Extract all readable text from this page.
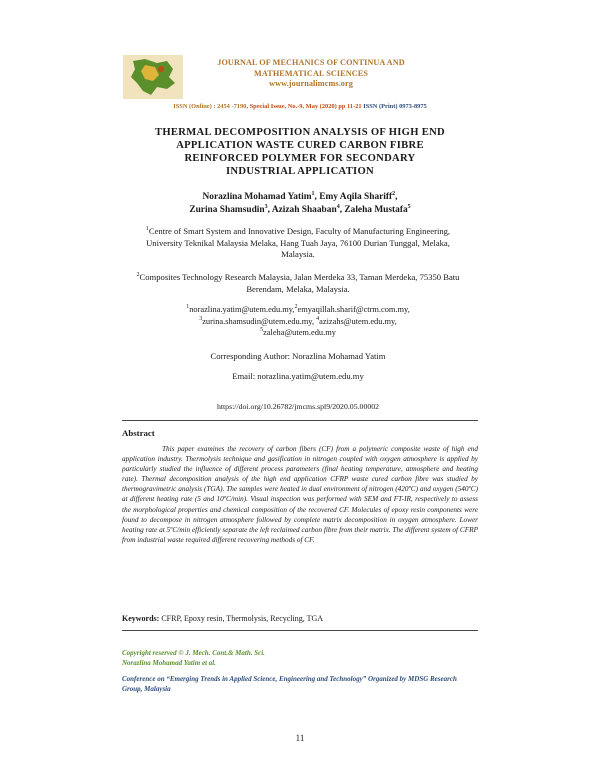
JOURNAL OF MECHANICS OF CONTINUA AND
MATHEMATICAL SCIENCES
www.journalimcms.org
ISSN (Online) : 2454 -7190, Special Issue, No.-9, May (2020) pp 11-21 ISSN (Print) 0973-8975
THERMAL DECOMPOSITION ANALYSIS OF HIGH END
APPLICATION WASTE CURED CARBON FIBRE
REINFORCED POLYMER FOR SECONDARY
INDUSTRIAL APPLICATION
Norazlina Mohamad Yatim$^1$, Emy Aqila Shariff$^2$,
Zurina Shamsudin$^3$, Azizah Shaaban$^4$, Zaleha Mustafa$^5$
$^1$Centre of Smart System and Innovative Design, Faculty of Manufacturing Engineering, University Teknikal Malaysia Melaka, Hang Tuah Jaya, 76100 Durian Tunggal, Melaka, Malaysia.
$^2$Composites Technology Research Malaysia, Jalan Merdeka 33, Taman Merdeka, 75350 Batu Berendam, Melaka, Malaysia.
$^1$norazlina.yatim@utem.edu.my,$^2$emyaqillah.sharif@ctrm.com.my,
$^3$zurina.shamsudin@utem.edu.my, $^4$azizahs@utem.edu.my,
$^5$zaleha@utem.edu.my
Corresponding Author: Norazlina Mohamad Yatim
Email: norazlina.yatim@utem.edu.my
https://doi.org/10.26782/jmcms.spl9/2020.05.00002
Abstract
This paper examines the recovery of carbon fibers (CF) from a polymeric composite waste of high end application industry. Thermolysis technique and gasification in nitrogen coupled with oxygen atmosphere is applied by particularly studied the influence of different process parameters (final heating temperature, atmosphere and heating rate). Thermal decomposition analysis of the high end application CFRP waste cured carbon fibre was studied by thermogravimetric analysis (TGA). The samples were heated in dual environment of nitrogen (420ºC) and oxygen (540ºC) at different heating rate (5 and 10ºC/min). Visual inspection was performed with SEM and FT-IR, respectively to assess the morphological properties and chemical composition of the recovered CF. Molecules of epoxy resin components were found to decompose in nitrogen atmosphere followed by complete matrix decomposition in oxygen atmosphere. Lower heating rate at 5ºC/min efficiently separate the left reclaimed carbon fibre from their matrix. The different system of CFRP from industrial waste required different recovering methods of CF.
Keywords: CFRP, Epoxy resin, Thermolysis, Recycling, TGA
Copyright reserved © J. Mech. Cont.& Math. Sci.
Norazlina Mohamad Yatim et al.
Conference on “Emerging Trends in Applied Science, Engineering and Technology” Organized by MDSG Research Group, Malaysia
11
